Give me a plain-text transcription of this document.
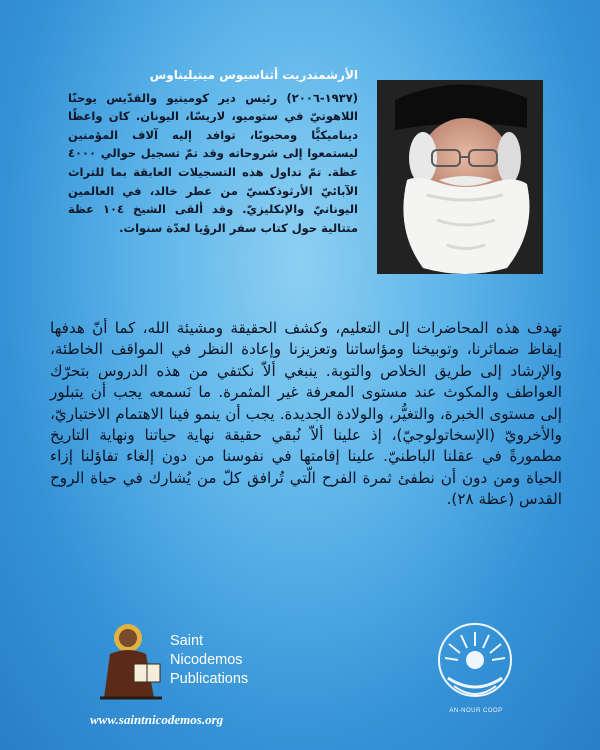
الأرشمندريت أثناسيوس ميتيليناوس
(١٩٣٧-٢٠٠٦) رئيس دير كومينيو والقدّيس يوحنّا اللاهوتيّ في ستوميو، لاريسّا، اليونان. كان واعظًا ديناميكيًّا ومحبوبًا، توافد إليه آلاف المؤمنين ليستمعوا إلى شروحاته وقد تمّ تسجيل حوالي ٤٠٠٠ عظة. تمّ تداول هذه التسجيلات العابقة بما للتراث الآبائيّ الأرثوذكسيّ من عطر خالد، في العالمين اليونانيّ والإنكليزيّ. وقد ألقى الشيخ ١٠٤ عظة متتالية حول كتاب سفر الرؤيا لعدّة سنوات.
تهدف هذه المحاضرات إلى التعليم، وكشف الحقيقة ومشيئة الله، كما أنّ هدفها إيقاظ ضمائرنا، وتوبيخنا ومؤاساتنا وتعزيزنا وإعادة النظر في المواقف الخاطئة، والإرشاد إلى طريق الخلاص والتوبة. ينبغي ألاّ نكتفي من هذه الدروس بتحرّك العواطف والمكوث عند مستوى المعرفة غير المثمرة. ما نَسمعه يجب أن يتبلور إلى مستوى الخبرة، والتغيُّر، والولادة الجديدة. يجب أن ينمو فينا الاهتمام الاختباريّ، والأخرويّ (الإسخاتولوجيّ)، إذ علينا ألاّ نُبقي حقيقة نهاية حياتنا ونهاية التاريخ مطمورةً في عقلنا الباطنيّ. علينا إقامتها في نفوسنا من دون إلغاء تفاؤلنا إزاء الحياة ومن دون أن نطفئ ثمرة الفرح الّتي تُرافق كلّ من يُشارك في حياة الروح القدس (عظة ٢٨).
Saint
Nicodemos
Publications
www.saintnicodemos.org
AN-NOUR COOP
